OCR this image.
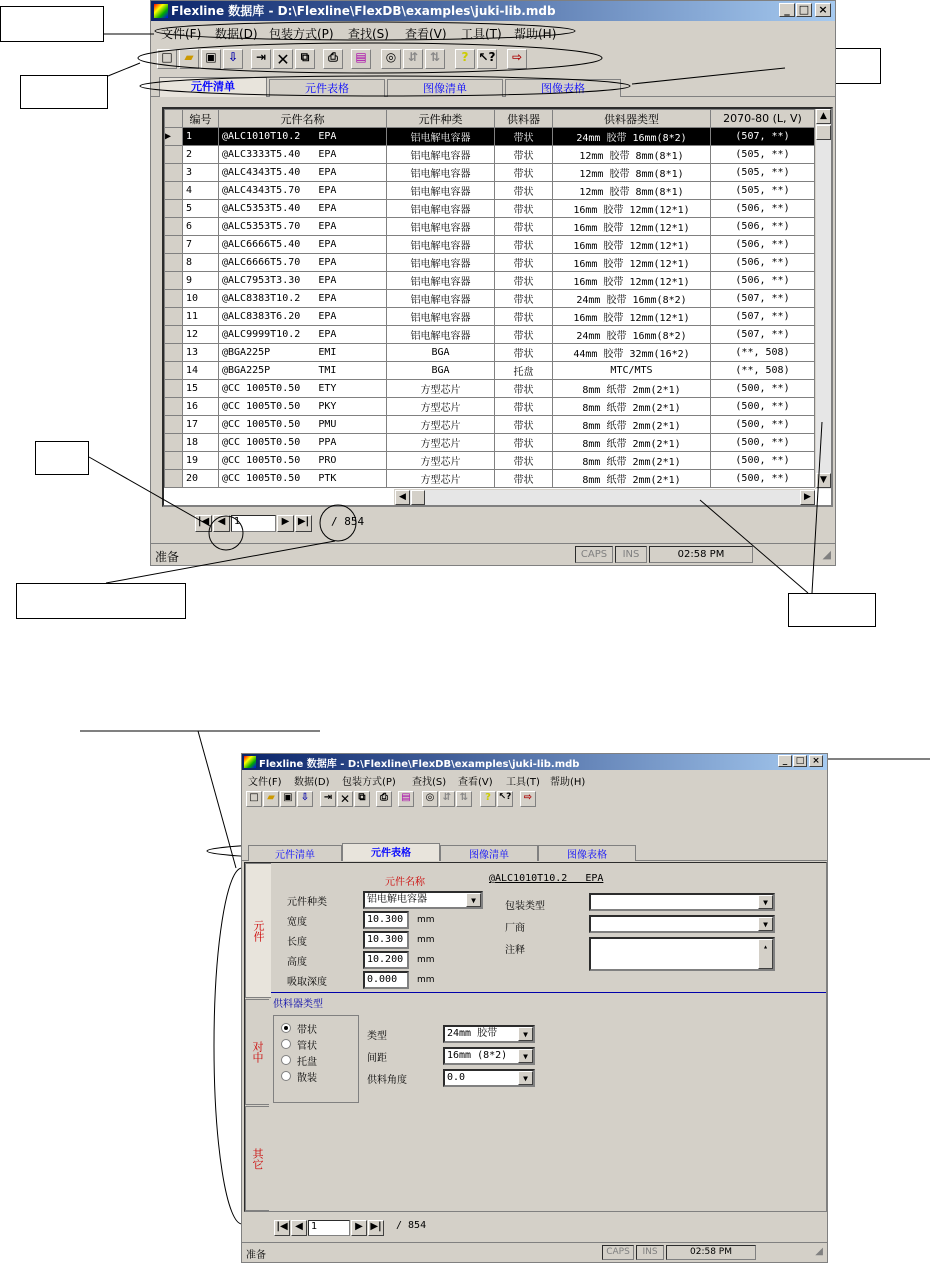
Flexline 数据库 - D:\Flexline\FlexDB\examples\juki-lib.mdb	_ □ ×
文件(F) 数据(D) 包装方式(P) 查找(S) 查看(V) 工具(T) 帮助(H)
□ ▰ ▣ ⇩	⇥ ✕ ⧉	⎙	▤	◎ ⇵ ⇅	? ↖?	⇨
元件清单	元件表格	图像清单	图像表格
	编号	元件名称	元件种类	供料器	供料器类型	2070-80 (L, V)
▶	1	@ALC1010T10.2   EPA	铝电解电容器	带状	24mm 胶带 16mm(8*2)	(507, **)
	2	@ALC3333T5.40   EPA	铝电解电容器	带状	12mm 胶带 8mm(8*1)	(505, **)
	3	@ALC4343T5.40   EPA	铝电解电容器	带状	12mm 胶带 8mm(8*1)	(505, **)
	4	@ALC4343T5.70   EPA	铝电解电容器	带状	12mm 胶带 8mm(8*1)	(505, **)
	5	@ALC5353T5.40   EPA	铝电解电容器	带状	16mm 胶带 12mm(12*1)	(506, **)
	6	@ALC5353T5.70   EPA	铝电解电容器	带状	16mm 胶带 12mm(12*1)	(506, **)
	7	@ALC6666T5.40   EPA	铝电解电容器	带状	16mm 胶带 12mm(12*1)	(506, **)
	8	@ALC6666T5.70   EPA	铝电解电容器	带状	16mm 胶带 12mm(12*1)	(506, **)
	9	@ALC7953T3.30   EPA	铝电解电容器	带状	16mm 胶带 12mm(12*1)	(506, **)
	10	@ALC8383T10.2   EPA	铝电解电容器	带状	24mm 胶带 16mm(8*2)	(507, **)
	11	@ALC8383T6.20   EPA	铝电解电容器	带状	16mm 胶带 12mm(12*1)	(507, **)
	12	@ALC9999T10.2   EPA	铝电解电容器	带状	24mm 胶带 16mm(8*2)	(507, **)
	13	@BGA225P        EMI	BGA	带状	44mm 胶带 32mm(16*2)	(**, 508)
	14	@BGA225P        TMI	BGA	托盘	MTC/MTS	(**, 508)
	15	@CC 1005T0.50   ETY	方型芯片	带状	8mm 纸带 2mm(2*1)	(500, **)
	16	@CC 1005T0.50   PKY	方型芯片	带状	8mm 纸带 2mm(2*1)	(500, **)
	17	@CC 1005T0.50   PMU	方型芯片	带状	8mm 纸带 2mm(2*1)	(500, **)
	18	@CC 1005T0.50   PPA	方型芯片	带状	8mm 纸带 2mm(2*1)	(500, **)
	19	@CC 1005T0.50   PRO	方型芯片	带状	8mm 纸带 2mm(2*1)	(500, **)
	20	@CC 1005T0.50   PTK	方型芯片	带状	8mm 纸带 2mm(2*1)	(500, **)
▲
▼
◀	▶
|◀ ◀ 1	▶ ▶| / 854
准备	CAPS	INS	02:58 PM	◢
Flexline 数据库 - D:\Flexline\FlexDB\examples\juki-lib.mdb	_ □ ×
文件(F) 数据(D) 包装方式(P) 查找(S) 查看(V) 工具(T) 帮助(H)
□ ▰ ▣ ⇩	⇥ ✕ ⧉	⎙	▤	◎ ⇵ ⇅	? ↖?	⇨
元件清单	元件表格	图像清单	图像表格
元件
对中
其它
元件名称	@ALC1010T10.2   EPA
元件种类	铝电解电容器	▼
宽度	10.300	mm
长度	10.300	mm
高度	10.200	mm
吸取深度	0.000	mm
包装类型	▼
厂商	▼
注释	▴
供料器类型
带状
管状
托盘
散装
类型	24mm 胶带	▼
间距	16mm (8*2)	▼
供料角度	0.0	▼
|◀ ◀ 1	▶ ▶| / 854
准备	CAPS	INS	02:58 PM	◢
